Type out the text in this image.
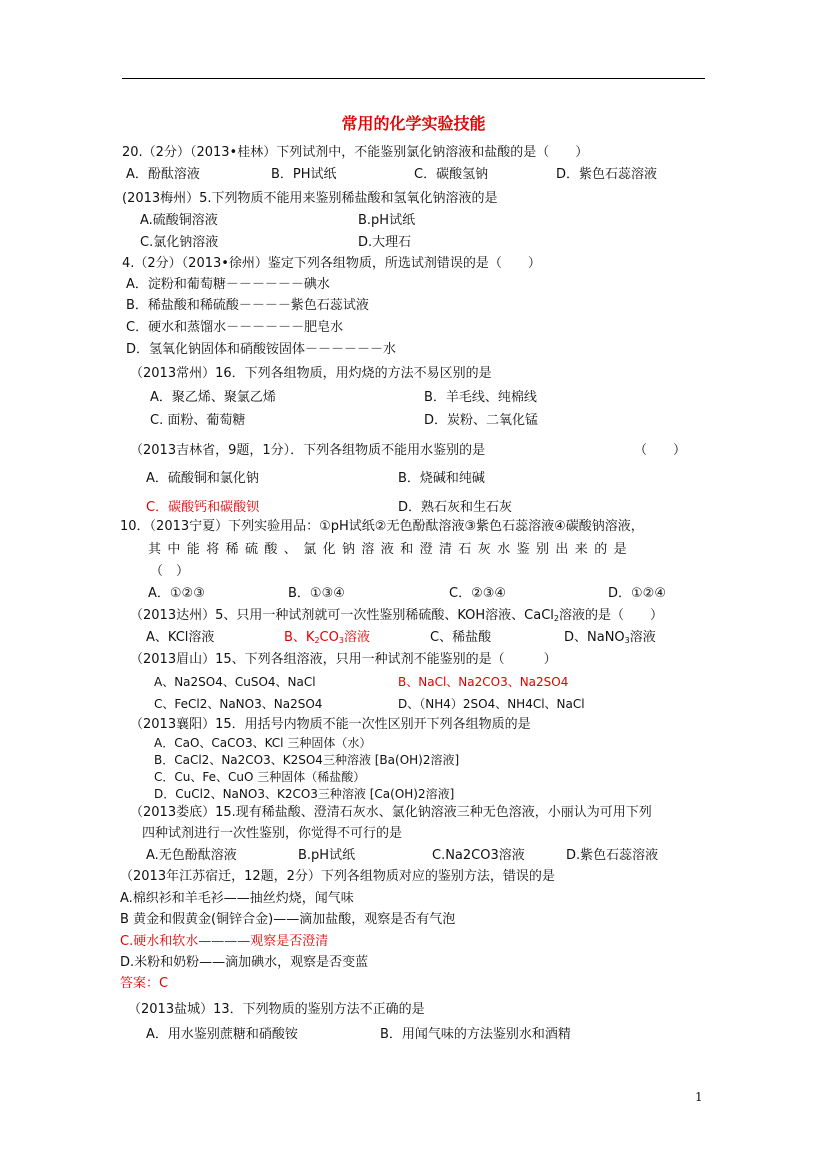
常用的化学实验技能
20.（2分）（2013•桂林）下列试剂中，不能鉴别氯化钠溶液和盐酸的是（　　）
A．酚酞溶液	B．PH试纸	C．碳酸氢钠	D．紫色石蕊溶液
(2013梅州）5.下列物质不能用来鉴别稀盐酸和氢氧化钠溶液的是
A.硫酸铜溶液	B.pH试纸
C.氯化钠溶液	D.大理石
4.（2分）（2013•徐州）鉴定下列各组物质，所选试剂错误的是（　　）
A．淀粉和葡萄糖－－－－－－碘水
B．稀盐酸和稀硫酸－－－－紫色石蕊试液
C．硬水和蒸馏水－－－－－－肥皂水
D．氢氧化钠固体和硝酸铵固体－－－－－－水
（2013常州）16．下列各组物质，用灼烧的方法不易区别的是
A．聚乙烯、聚氯乙烯	B．羊毛线、纯棉线
C. 面粉、葡萄糖	D．炭粉、二氧化锰
（2013吉林省，9题，1分）．下列各组物质不能用水鉴别的是	（　　）
A．硫酸铜和氯化钠	B．烧碱和纯碱
C．碳酸钙和碳酸钡	D．熟石灰和生石灰
10．（2013宁夏）下列实验用品：①pH试纸②无色酚酞溶液③紫色石蕊溶液④碳酸钠溶液，
其中能将稀硫酸、氯化钠溶液和澄清石灰水鉴别出来的是
（　）
A．①②③	B．①③④	C．②③④	D．①②④
（2013达州）5、只用一种试剂就可一次性鉴别稀硫酸、KOH溶液、CaCl$_2$溶液的是（　　）
A、KCl溶液	B、$K_2CO_3$溶液	C、稀盐酸	D、NaNO$_3$溶液
（2013眉山）15、下列各组溶液，只用一种试剂不能鉴别的是（　　　）
A、Na2SO4、CuSO4、NaCl	B、NaCl、Na2CO3、Na2SO4
C、FeCl2、NaNO3、Na2SO4	D、（NH4）2SO4、NH4Cl、NaCl
（2013襄阳）15．用括号内物质不能一次性区别开下列各组物质的是
A．CaO、CaCO3、KCl 三种固体（水）
B．CaCl2、Na2CO3、K2SO4三种溶液 [Ba(OH)2溶液]
C．Cu、Fe、CuO 三种固体（稀盐酸）
D．CuCl2、NaNO3、K2CO3三种溶液 [Ca(OH)2溶液]
（2013娄底）15.现有稀盐酸、澄清石灰水、氯化钠溶液三种无色溶液，小丽认为可用下列
四种试剂进行一次性鉴别，你觉得不可行的是
A.无色酚酞溶液	B.pH试纸	C.Na2CO3溶液	D.紫色石蕊溶液
（2013年江苏宿迁，12题，2分）下列各组物质对应的鉴别方法，错误的是
A.棉织衫和羊毛衫——抽丝灼烧，闻气味
B 黄金和假黄金(铜锌合金)——滴加盐酸，观察是否有气泡
C.硬水和软水————观察是否澄清
D.米粉和奶粉——滴加碘水，观察是否变蓝
答案：C
（2013盐城）13．下列物质的鉴别方法不正确的是
A．用水鉴别蔗糖和硝酸铵	B．用闻气味的方法鉴别水和酒精
1
